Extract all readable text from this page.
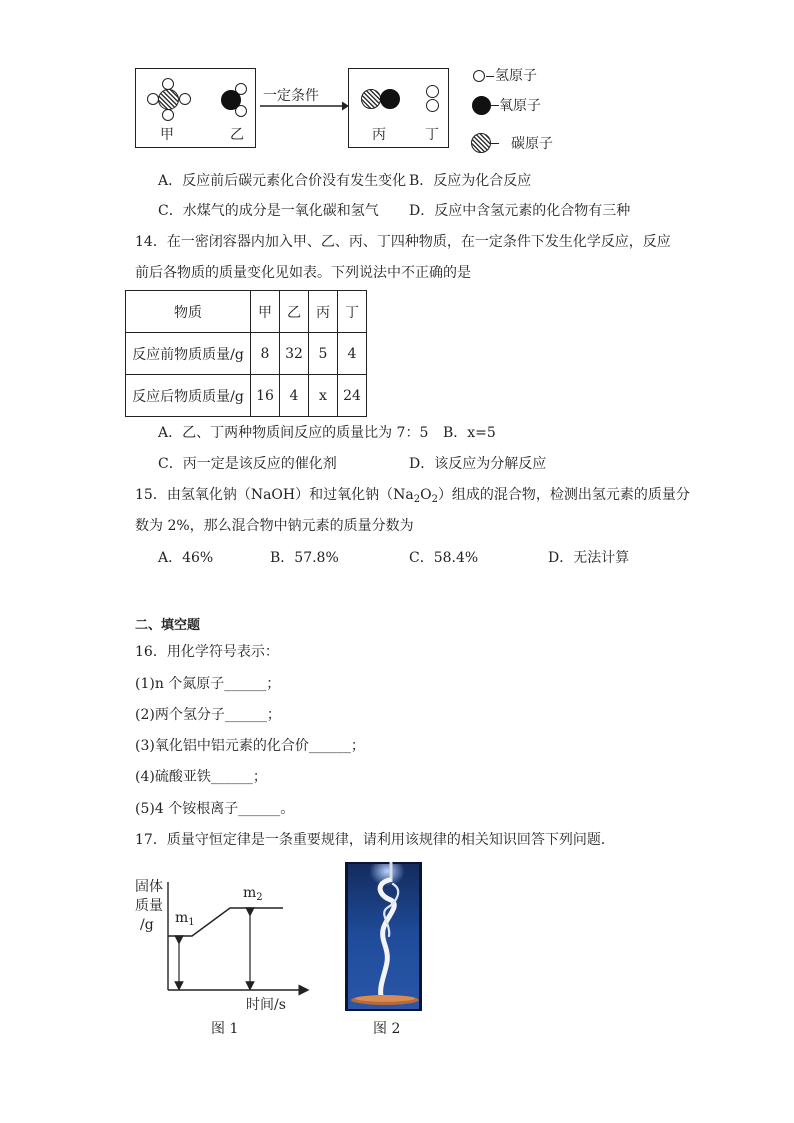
甲	乙
一定条件
丙	丁
氢原子
氧原子
碳原子
A．反应前后碳元素化合价没有发生变化 B．反应为化合反应
C．水煤气的成分是一氧化碳和氢气 D．反应中含氢元素的化合物有三种
14．在一密闭容器内加入甲、乙、丙、丁四种物质，在一定条件下发生化学反应，反应
前后各物质的质量变化见如表。下列说法中不正确的是
物质	甲	乙	丙	丁
反应前物质质量/g	8	32	5	4
反应后物质质量/g	16	4	x	24
A．乙、丁两种物质间反应的质量比为 7：5 B．x=5
C．丙一定是该反应的催化剂	D．该反应为分解反应
15．由氢氧化钠（NaOH）和过氧化钠$(Na_2O_2)$组成的混合物，检测出氢元素的质量分
数为 2%，那么混合物中钠元素的质量分数为
A．46%	B．57.8%	C．58.4%	D．无法计算
二、填空题
16．用化学符号表示：
(1)n 个氮原子______；
(2)两个氢分子______；
(3)氧化铝中铝元素的化合价______；
(4)硫酸亚铁______；
(5)4 个铵根离子______。
17．质量守恒定律是一条重要规律，请利用该规律的相关知识回答下列问题．
固体
质量
/g $m_1$
$m_2$
时间/s
图 1	图 2
